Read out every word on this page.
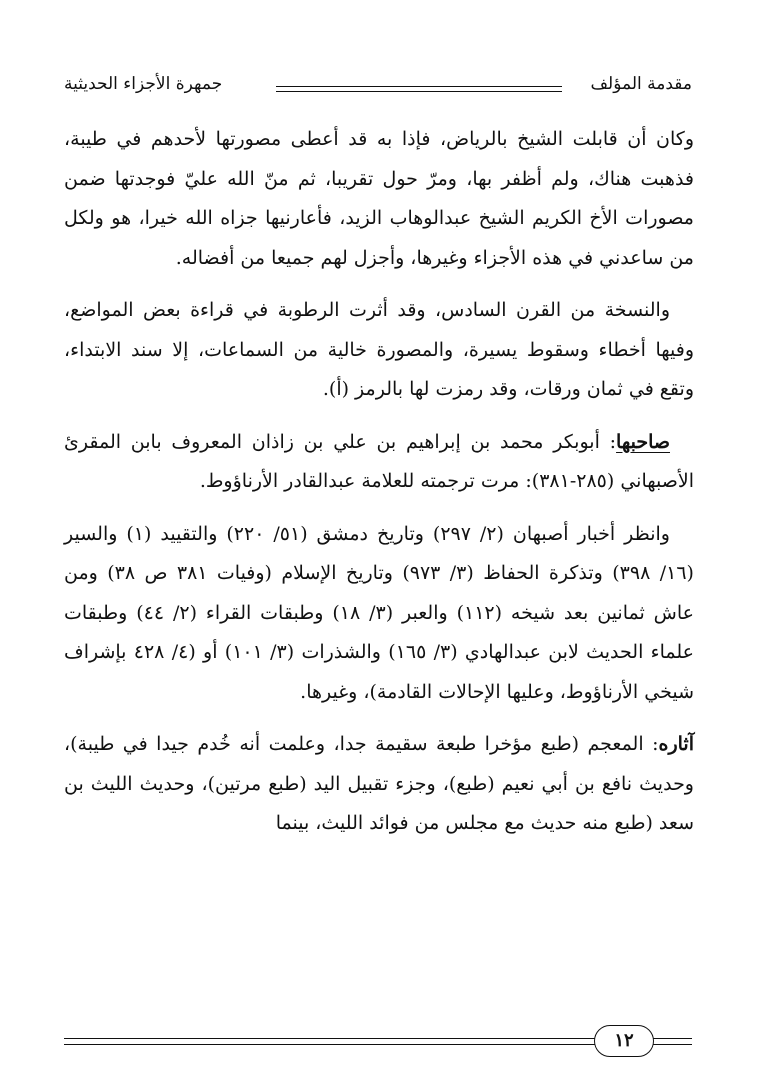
مقدمة المؤلف
جمهرة الأجزاء الحديثية

وكان أن قابلت الشيخ بالرياض، فإذا به قد أعطى مصورتها لأحدهم في طيبة، فذهبت هناك، ولم أظفر بها، ومرّ حول تقريبا، ثم منّ الله عليّ فوجدتها ضمن مصورات الأخ الكريم الشيخ عبدالوهاب الزيد، فأعارنيها جزاه الله خيرا، هو ولكل من ساعدني في هذه الأجزاء وغيرها، وأجزل لهم جميعا من أفضاله.

والنسخة من القرن السادس، وقد أثرت الرطوبة في قراءة بعض المواضع، وفيها أخطاء وسقوط يسيرة، والمصورة خالية من السماعات، إلا سند الابتداء، وتقع في ثمان ورقات، وقد رمزت لها بالرمز (أ).

صاحبها: أبوبكر محمد بن إبراهيم بن علي بن زاذان المعروف بابن المقرئ الأصبهاني (٢٨٥-٣٨١): مرت ترجمته للعلامة عبدالقادر الأرناؤوط.

وانظر أخبار أصبهان (٢/ ٢٩٧) وتاريخ دمشق (٥١/ ٢٢٠) والتقييد (١) والسير (١٦/ ٣٩٨) وتذكرة الحفاظ (٣/ ٩٧٣) وتاريخ الإسلام (وفيات ٣٨١ ص ٣٨) ومن عاش ثمانين بعد شيخه (١١٢) والعبر (٣/ ١٨) وطبقات القراء (٢/ ٤٤) وطبقات علماء الحديث لابن عبدالهادي (٣/ ١٦٥) والشذرات (٣/ ١٠١) أو (٤/ ٤٢٨ بإشراف شيخي الأرناؤوط، وعليها الإحالات القادمة)، وغيرها.

آثاره: المعجم (طبع مؤخرا طبعة سقيمة جدا، وعلمت أنه خُدم جيدا في طيبة)، وحديث نافع بن أبي نعيم (طبع)، وجزء تقبيل اليد (طبع مرتين)، وحديث الليث بن سعد (طبع منه حديث مع مجلس من فوائد الليث، بينما

١٢
